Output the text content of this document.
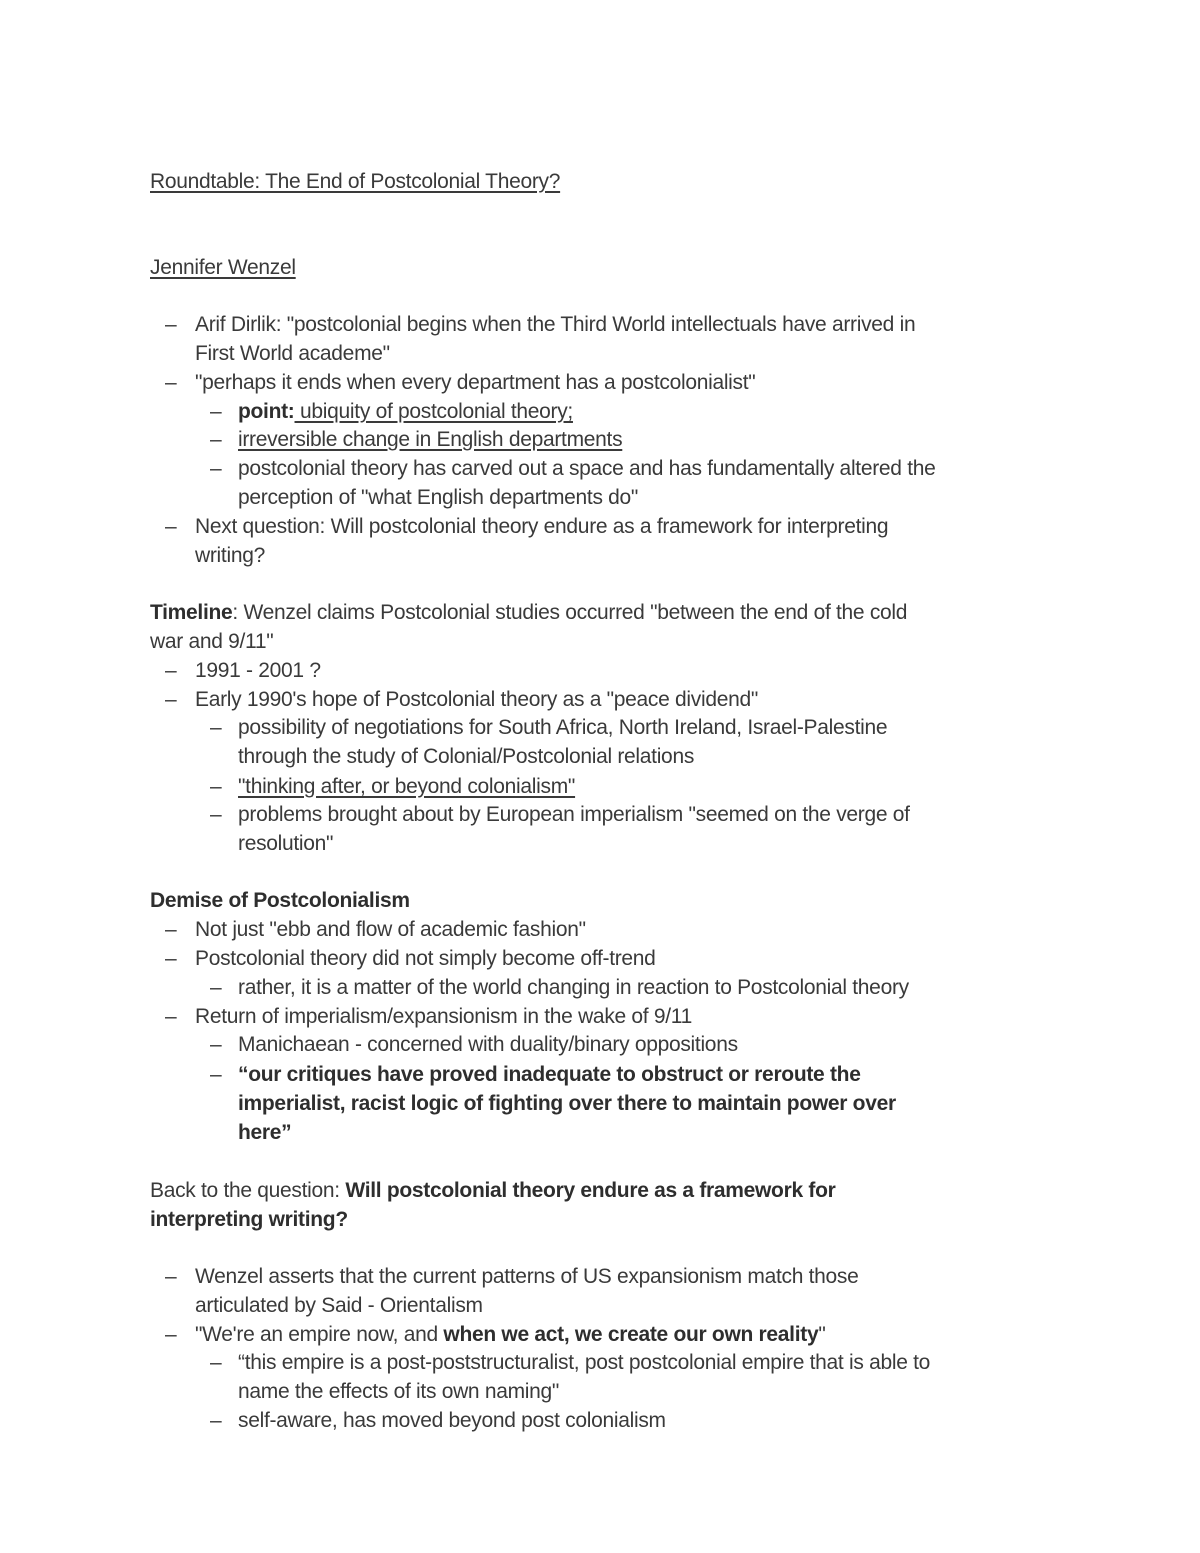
Roundtable: The End of Postcolonial Theory?
Jennifer Wenzel
– Arif Dirlik: "postcolonial begins when the Third World intellectuals have arrived in
First World academe"
– "perhaps it ends when every department has a postcolonialist"
– point: ubiquity of postcolonial theory;
– irreversible change in English departments
– postcolonial theory has carved out a space and has fundamentally altered the
perception of "what English departments do"
– Next question: Will postcolonial theory endure as a framework for interpreting
writing?
Timeline: Wenzel claims Postcolonial studies occurred "between the end of the cold
war and 9/11"
– 1991 - 2001 ?
– Early 1990's hope of Postcolonial theory as a "peace dividend"
– possibility of negotiations for South Africa, North Ireland, Israel-Palestine
through the study of Colonial/Postcolonial relations
– "thinking after, or beyond colonialism"
– problems brought about by European imperialism "seemed on the verge of
resolution"
Demise of Postcolonialism
– Not just "ebb and flow of academic fashion"
– Postcolonial theory did not simply become off-trend
– rather, it is a matter of the world changing in reaction to Postcolonial theory
– Return of imperialism/expansionism in the wake of 9/11
– Manichaean - concerned with duality/binary oppositions
– “our critiques have proved inadequate to obstruct or reroute the
imperialist, racist logic of fighting over there to maintain power over
here”
Back to the question: Will postcolonial theory endure as a framework for
interpreting writing?
– Wenzel asserts that the current patterns of US expansionism match those
articulated by Said - Orientalism
– "We're an empire now, and when we act, we create our own reality"
– “this empire is a post-poststructuralist, post postcolonial empire that is able to
name the effects of its own naming"
– self-aware, has moved beyond post colonialism
